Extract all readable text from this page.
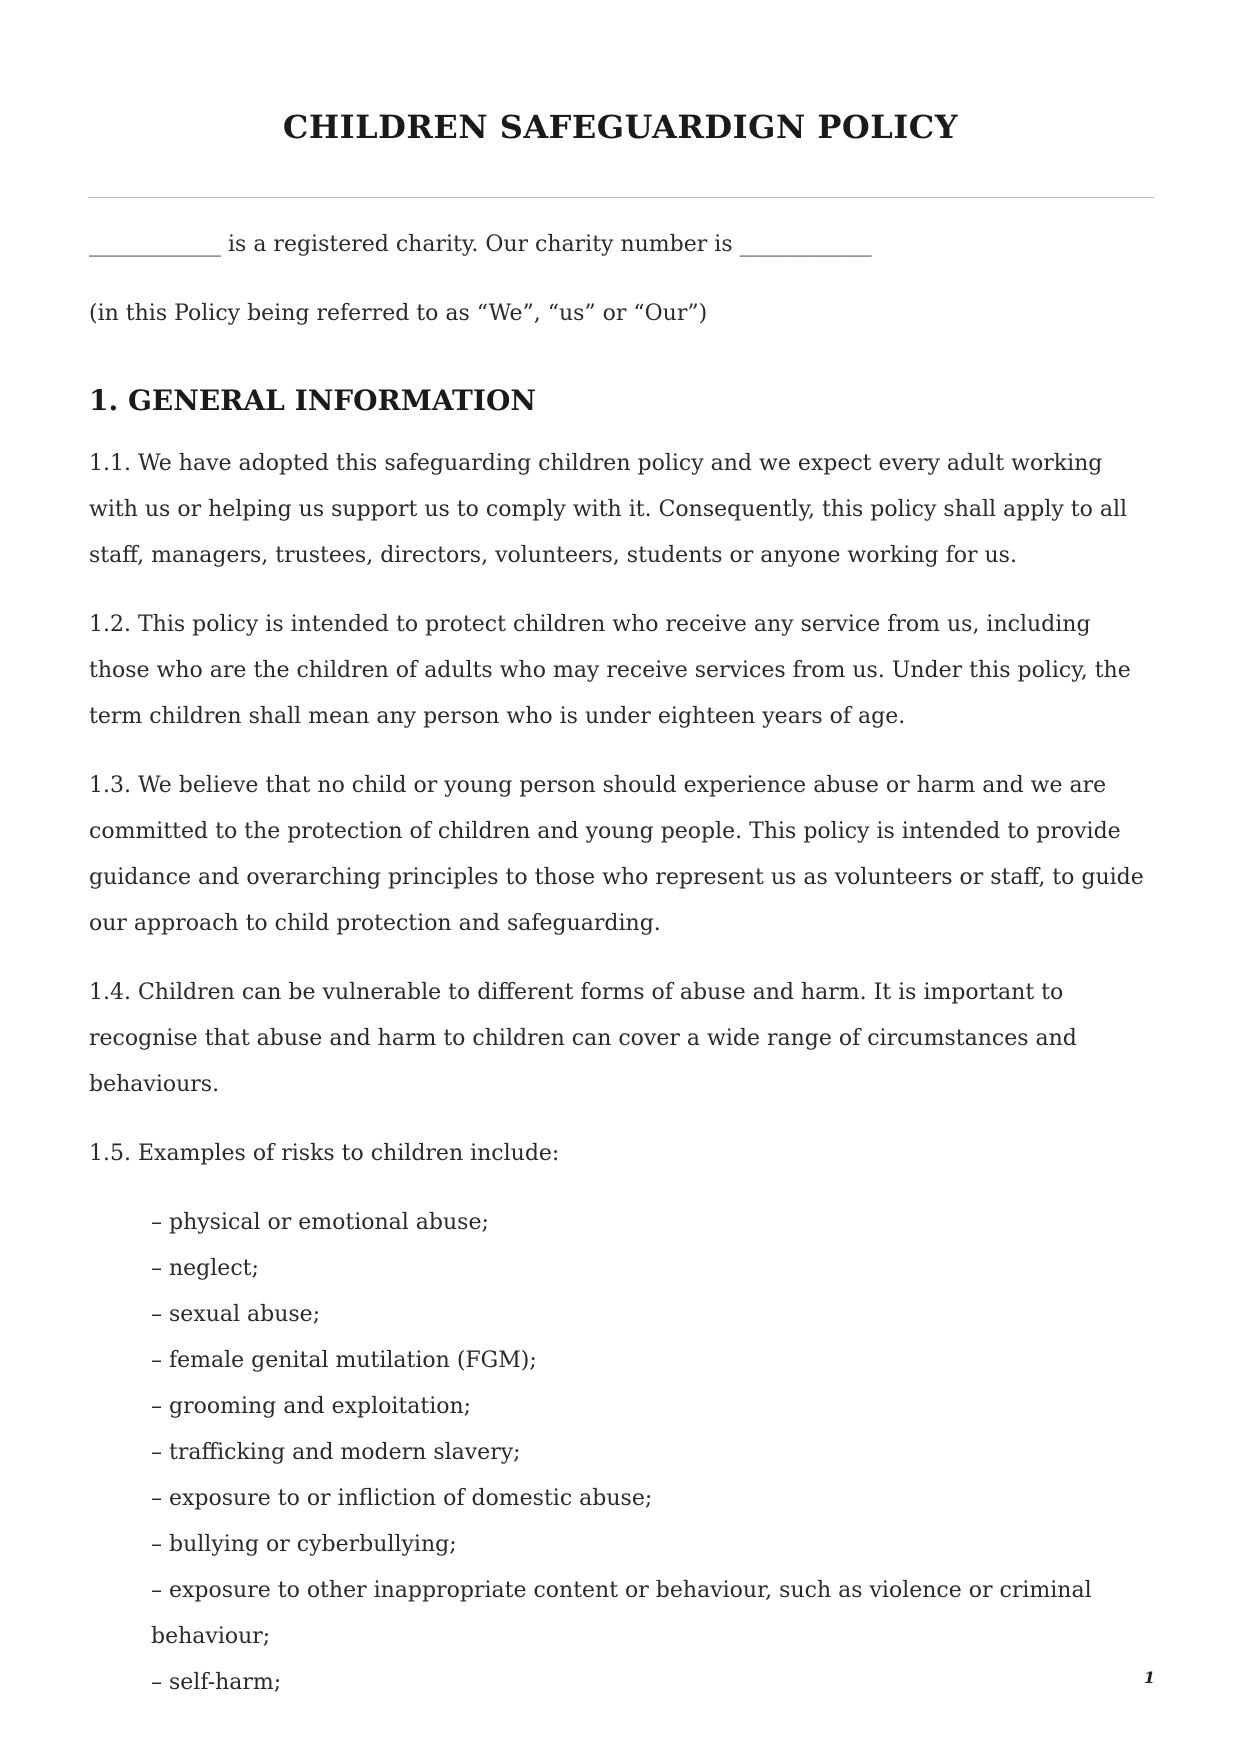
CHILDREN SAFEGUARDIGN POLICY

____________ is a registered charity. Our charity number is ____________

(in this Policy being referred to as “We”, “us” or “Our”)

1. GENERAL INFORMATION

1.1. We have adopted this safeguarding children policy and we expect every adult working with us or helping us support us to comply with it. Consequently, this policy shall apply to all staff, managers, trustees, directors, volunteers, students or anyone working for us.

1.2. This policy is intended to protect children who receive any service from us, including those who are the children of adults who may receive services from us. Under this policy, the term children shall mean any person who is under eighteen years of age.

1.3. We believe that no child or young person should experience abuse or harm and we are committed to the protection of children and young people. This policy is intended to provide guidance and overarching principles to those who represent us as volunteers or staff, to guide our approach to child protection and safeguarding.

1.4. Children can be vulnerable to different forms of abuse and harm. It is important to recognise that abuse and harm to children can cover a wide range of circumstances and behaviours.

1.5. Examples of risks to children include:

– physical or emotional abuse;
– neglect;
– sexual abuse;
– female genital mutilation (FGM);
– grooming and exploitation;
– trafficking and modern slavery;
– exposure to or infliction of domestic abuse;
– bullying or cyberbullying;
– exposure to other inappropriate content or behaviour, such as violence or criminal behaviour;
– self-harm;	1
